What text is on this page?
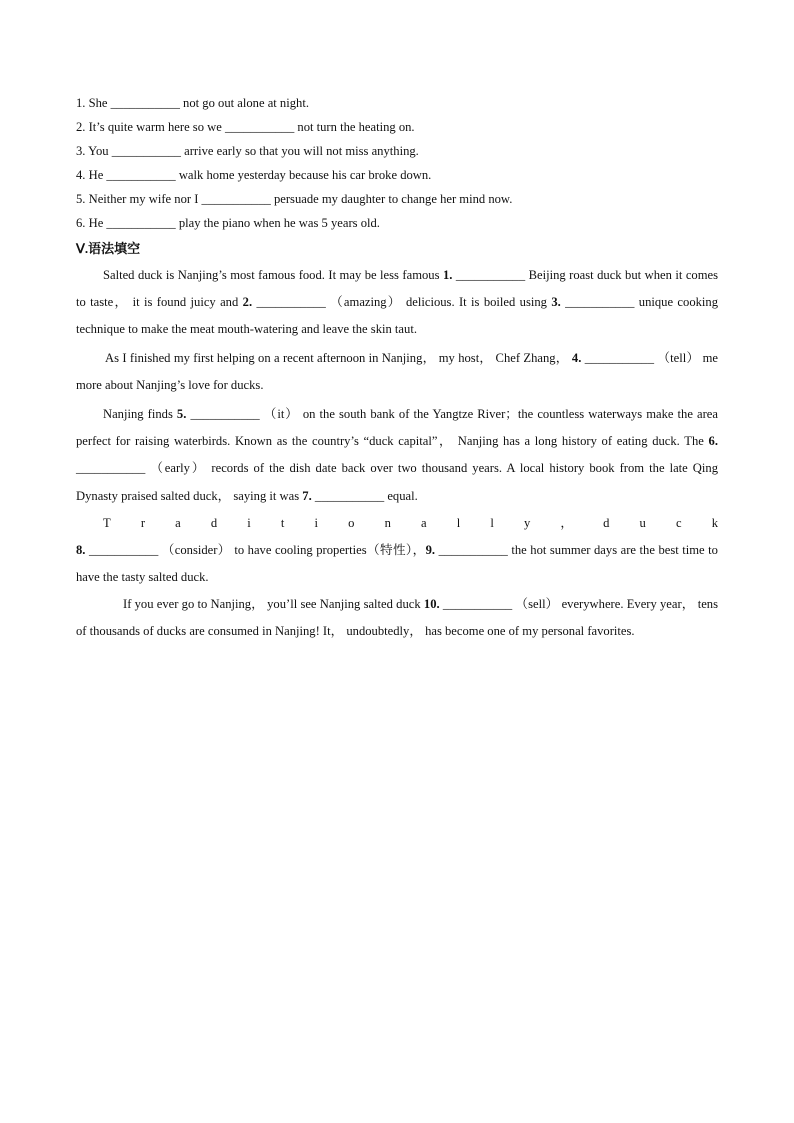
1. She ___________ not go out alone at night.
2. It’s quite warm here so we ___________ not turn the heating on.
3. You ___________ arrive early so that you will not miss anything.
4. He ___________ walk home yesterday because his car broke down.
5. Neither my wife nor I ___________ persuade my daughter to change her mind now.
6. He ___________ play the piano when he was 5 years old.
Ⅴ.语法填空
Salted duck is Nanjing’s most famous food. It may be less famous 1. ___________ Beijing roast duck but when it comes to taste， it is found juicy and 2. ___________ （amazing） delicious. It is boiled using 3. ___________ unique cooking technique to make the meat mouth-watering and leave the skin taut.
As I finished my first helping on a recent afternoon in Nanjing， my host， Chef Zhang， 4. ___________ （tell） me more about Nanjing’s love for ducks.
Nanjing finds 5. ___________ （it） on the south bank of the Yangtze River；the countless waterways make the area perfect for raising waterbirds. Known as the country’s “duck capital”， Nanjing has a long history of eating duck. The 6. ___________ （early） records of the dish date back over two thousand years. A local history book from the late Qing Dynasty praised salted duck， saying it was 7. ___________ equal.
T	r	a	d	i	t	i	o	n	a	l	l	y	，	d	u	c	k
8. ___________ （consider） to have cooling properties（特性），9. ___________ the hot summer days are the best time to have the tasty salted duck.
If you ever go to Nanjing， you’ll see Nanjing salted duck 10. ___________ （sell） everywhere. Every year， tens of thousands of ducks are consumed in Nanjing! It， undoubtedly， has become one of my personal favorites.
